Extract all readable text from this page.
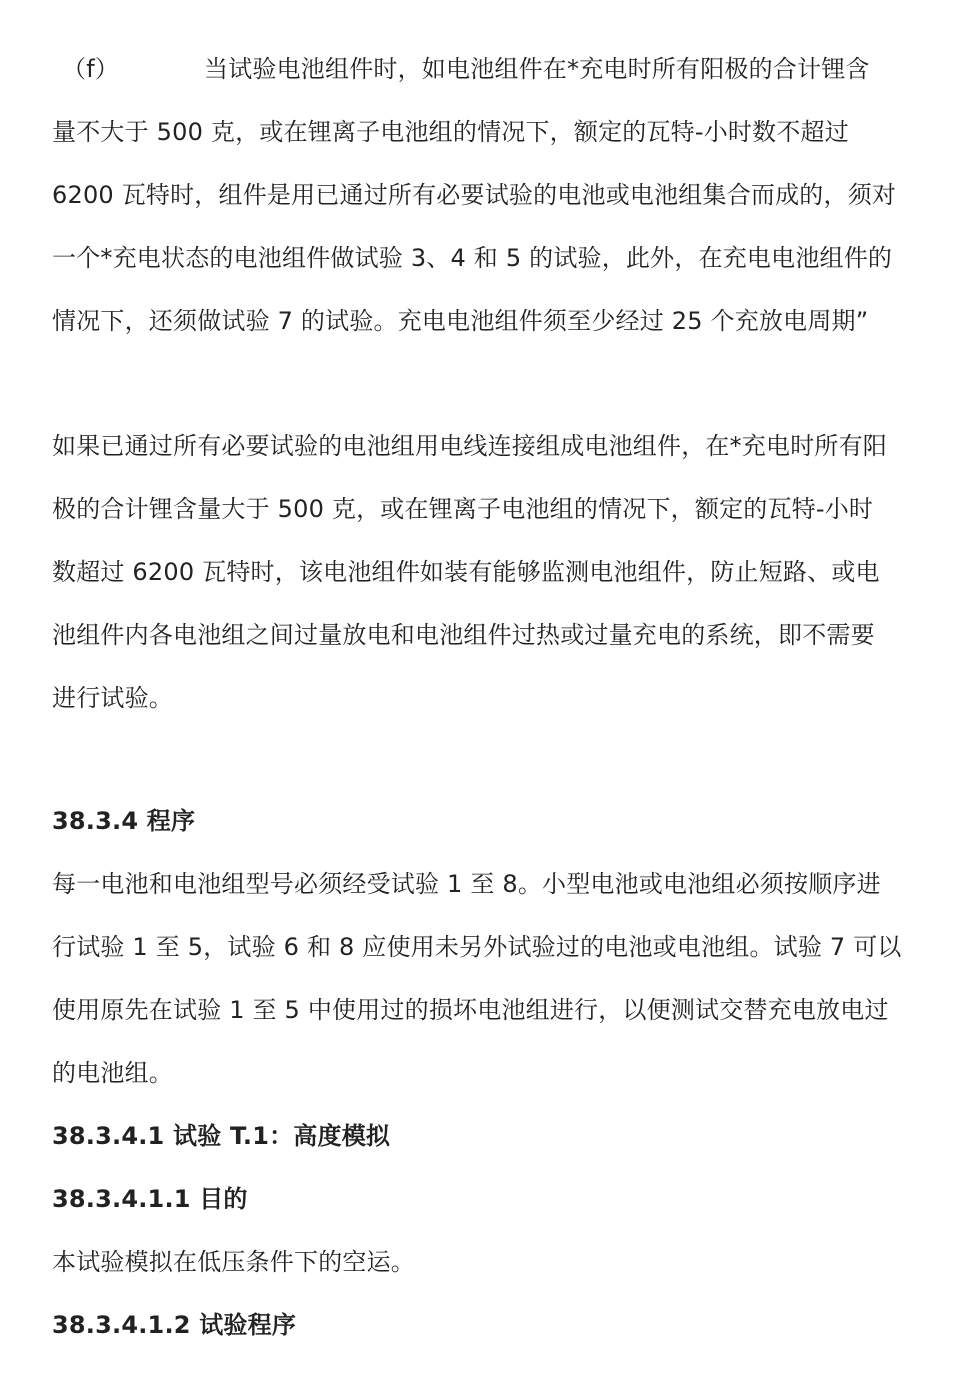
（f）	当试验电池组件时，如电池组件在*充电时所有阳极的合计锂含
量不大于 500 克，或在锂离子电池组的情况下，额定的瓦特-小时数不超过
6200 瓦特时，组件是用已通过所有必要试验的电池或电池组集合而成的，须对
一个*充电状态的电池组件做试验 3、4 和 5 的试验，此外，在充电电池组件的
情况下，还须做试验 7 的试验。充电电池组件须至少经过 25 个充放电周期”
如果已通过所有必要试验的电池组用电线连接组成电池组件，在*充电时所有阳
极的合计锂含量大于 500 克，或在锂离子电池组的情况下，额定的瓦特-小时
数超过 6200 瓦特时，该电池组件如装有能够监测电池组件，防止短路、或电
池组件内各电池组之间过量放电和电池组件过热或过量充电的系统，即不需要
进行试验。
38.3.4 程序
每一电池和电池组型号必须经受试验 1 至 8。小型电池或电池组必须按顺序进
行试验 1 至 5，试验 6 和 8 应使用未另外试验过的电池或电池组。试验 7 可以
使用原先在试验 1 至 5 中使用过的损坏电池组进行，以便测试交替充电放电过
的电池组。
38.3.4.1 试验 T.1：高度模拟
38.3.4.1.1 目的
本试验模拟在低压条件下的空运。
38.3.4.1.2 试验程序
